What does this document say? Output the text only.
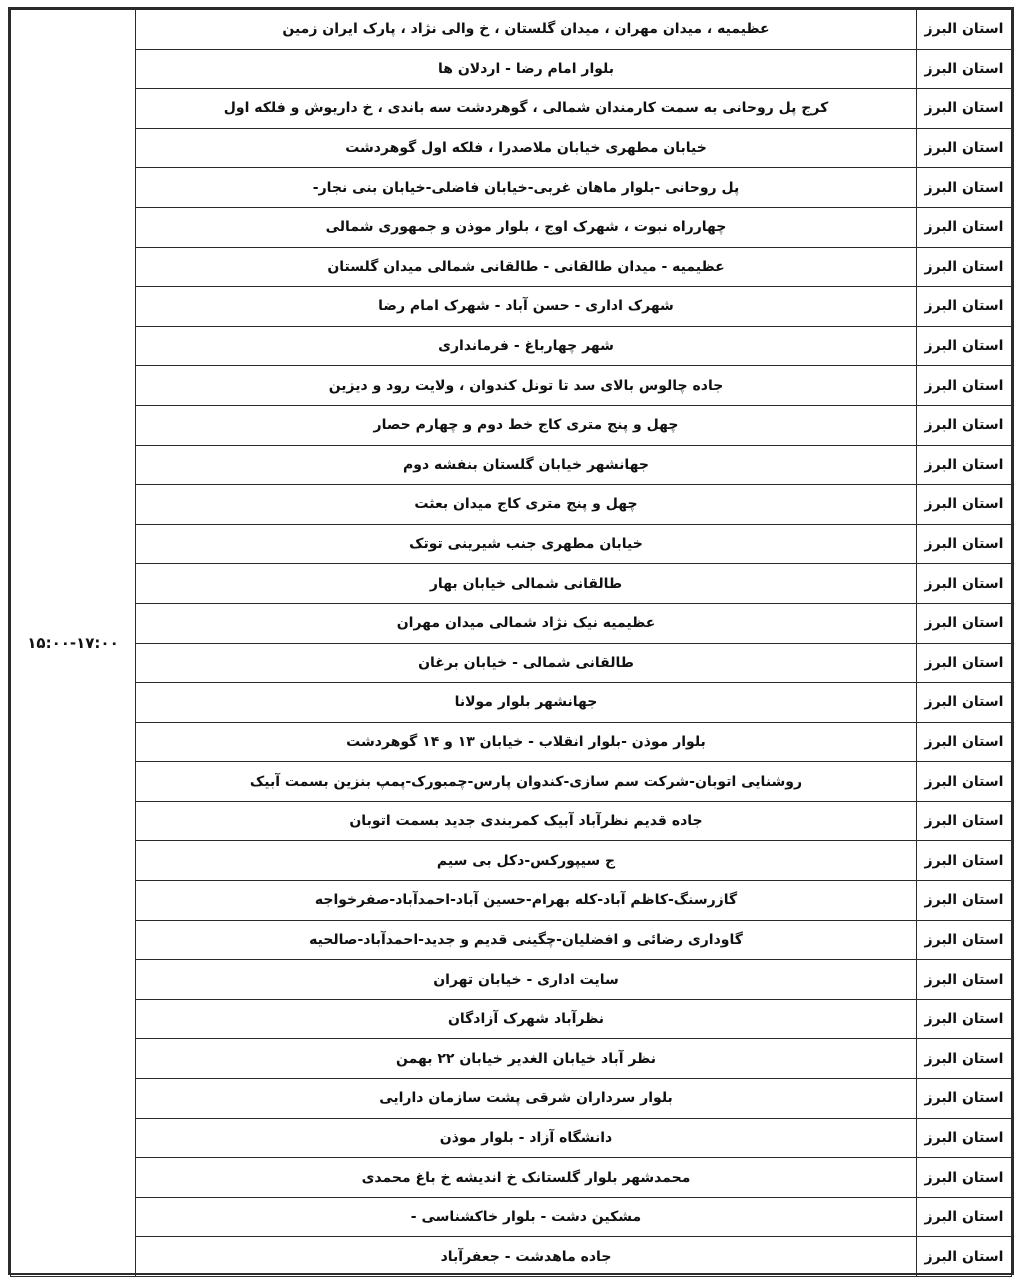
استان البرز	عظیمیه ، میدان مهران ، میدان گلستان ، خ والی نژاد ، پارک ایران زمین	۱۵:۰۰-۱۷:۰۰
استان البرز	بلوار امام رضا - اردلان ها	
استان البرز	کرج پل روحانی به سمت کارمندان شمالی ، گوهردشت سه باندی ، خ داریوش و فلکه اول	
استان البرز	خیابان مطهری خیابان ملاصدرا ، فلکه اول گوهردشت	
استان البرز	پل روحانی -بلوار ماهان غربی-خیابان فاضلی-خیابان بنی نجار-	
استان البرز	چهارراه نبوت ، شهرک اوج ، بلوار موذن و جمهوری شمالی	
استان البرز	عظیمیه - میدان طالقانی - طالقانی شمالی میدان گلستان	
استان البرز	شهرک اداری - حسن آباد - شهرک امام رضا	
استان البرز	شهر چهارباغ - فرمانداری	
استان البرز	جاده چالوس بالای سد تا تونل کندوان ، ولایت رود و دیزین	
استان البرز	چهل و پنج متری کاج خط دوم و چهارم حصار	
استان البرز	جهانشهر خیابان گلستان بنفشه دوم	
استان البرز	چهل و پنج متری کاج میدان بعثت	
استان البرز	خیابان مطهری جنب شیرینی توتک	
استان البرز	طالقانی شمالی خیابان بهار	
استان البرز	عظیمیه نیک نژاد شمالی میدان مهران	
استان البرز	طالقانی شمالی - خیابان برغان	
استان البرز	جهانشهر بلوار مولانا	
استان البرز	بلوار موذن -بلوار انقلاب - خیابان ۱۳ و ۱۴ گوهردشت	
استان البرز	روشنایی اتوبان-شرکت سم سازی-کندوان پارس-چمبورک-پمپ بنزین بسمت آبیک	
استان البرز	جاده قدیم نظرآباد آبیک کمربندی جدید بسمت اتوبان	
استان البرز	ج سیپورکس-دکل بی سیم	
استان البرز	گازرسنگ-کاظم آباد-کله بهرام-حسین آباد-احمدآباد-صفرخواجه	
استان البرز	گاوداری رضائی و افضلیان-چگینی قدیم و جدید-احمدآباد-صالحیه	
استان البرز	سایت اداری - خیابان تهران	
استان البرز	نظرآباد شهرک آزادگان	
استان البرز	نظر آباد خیابان الغدیر خیابان ۲۲ بهمن	
استان البرز	بلوار سرداران شرقی پشت سازمان دارایی	
استان البرز	دانشگاه آزاد - بلوار موذن	
استان البرز	محمدشهر بلوار گلستانک خ اندیشه خ باغ محمدی	
استان البرز	مشکین دشت - بلوار خاکشناسی -	
استان البرز	جاده ماهدشت - جعفرآباد	
